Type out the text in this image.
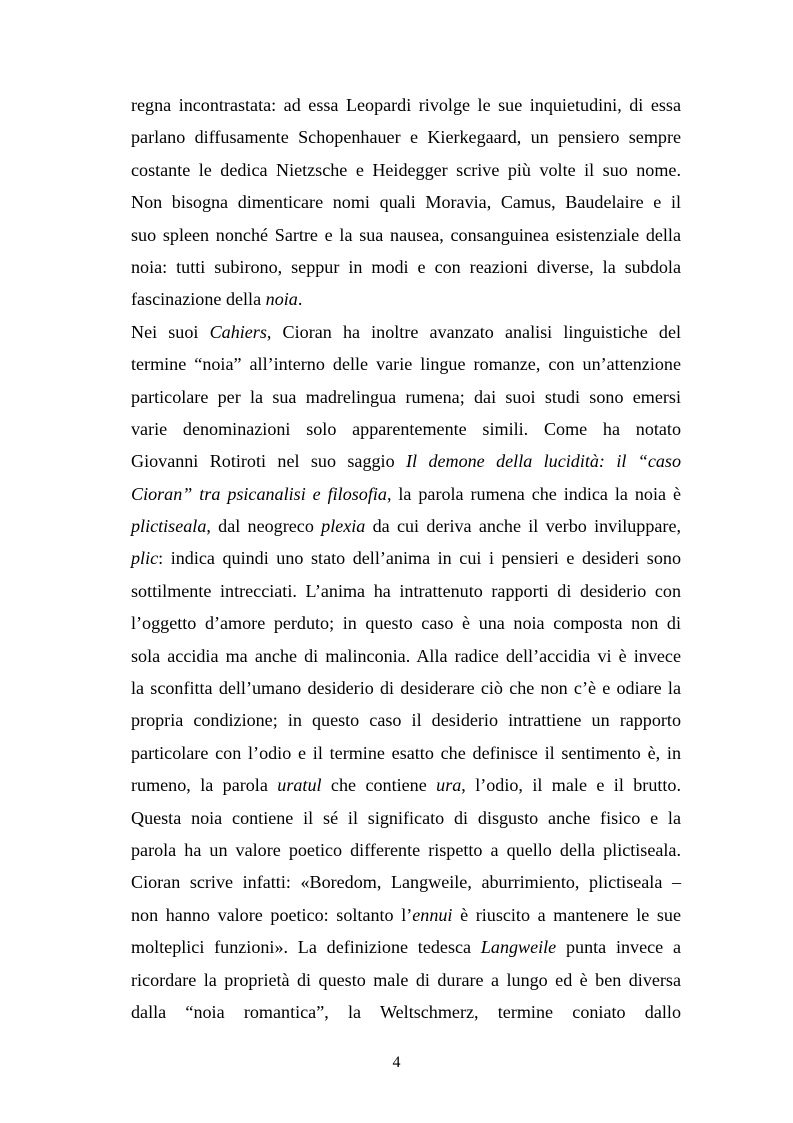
regna incontrastata: ad essa Leopardi rivolge le sue inquietudini, di essa
parlano diffusamente Schopenhauer e Kierkegaard, un pensiero sempre
costante le dedica Nietzsche e Heidegger scrive più volte il suo nome.
Non bisogna dimenticare nomi quali Moravia, Camus, Baudelaire e il
suo spleen nonché Sartre e la sua nausea, consanguinea esistenziale della
noia: tutti subirono, seppur in modi e con reazioni diverse, la subdola
fascinazione della noia.
Nei suoi Cahiers, Cioran ha inoltre avanzato analisi linguistiche del
termine “noia” all’interno delle varie lingue romanze, con un’attenzione
particolare per la sua madrelingua rumena; dai suoi studi sono emersi
varie denominazioni solo apparentemente simili. Come ha notato
Giovanni Rotiroti nel suo saggio Il demone della lucidità: il “caso
Cioran” tra psicanalisi e filosofia, la parola rumena che indica la noia è
plictiseala, dal neogreco plexia da cui deriva anche il verbo inviluppare,
plic: indica quindi uno stato dell’anima in cui i pensieri e desideri sono
sottilmente intrecciati. L’anima ha intrattenuto rapporti di desiderio con
l’oggetto d’amore perduto; in questo caso è una noia composta non di
sola accidia ma anche di malinconia. Alla radice dell’accidia vi è invece
la sconfitta dell’umano desiderio di desiderare ciò che non c’è e odiare la
propria condizione; in questo caso il desiderio intrattiene un rapporto
particolare con l’odio e il termine esatto che definisce il sentimento è, in
rumeno, la parola uratul che contiene ura, l’odio, il male e il brutto.
Questa noia contiene il sé il significato di disgusto anche fisico e la
parola ha un valore poetico differente rispetto a quello della plictiseala.
Cioran scrive infatti: «Boredom, Langweile, aburrimiento, plictiseala –
non hanno valore poetico: soltanto l’ennui è riuscito a mantenere le sue
molteplici funzioni». La definizione tedesca Langweile punta invece a
ricordare la proprietà di questo male di durare a lungo ed è ben diversa
dalla “noia romantica”, la Weltschmerz, termine coniato dallo
4
